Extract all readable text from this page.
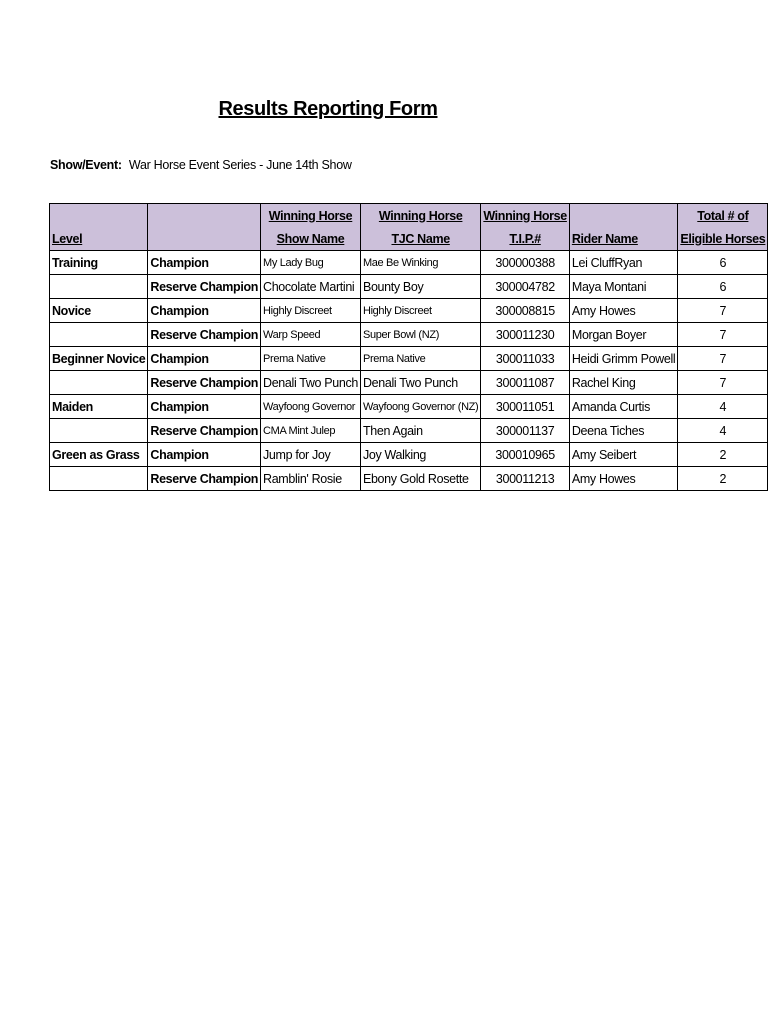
Results Reporting Form
Show/Event: War Horse Event Series - June 14th Show
		Winning Horse	Winning Horse	Winning Horse		Total # of
Level		Show Name	TJC Name	T.I.P.#	Rider Name	Eligible Horses
Training	Champion	My Lady Bug	Mae Be Winking	300000388	Lei CluffRyan	6
	Reserve Champion	Chocolate Martini	Bounty Boy	300004782	Maya Montani	6
Novice	Champion	Highly Discreet	Highly Discreet	300008815	Amy Howes	7
	Reserve Champion	Warp Speed	Super Bowl (NZ)	300011230	Morgan Boyer	7
Beginner Novice	Champion	Prema Native	Prema Native	300011033	Heidi Grimm Powell	7
	Reserve Champion	Denali Two Punch	Denali Two Punch	300011087	Rachel King	7
Maiden	Champion	Wayfoong Governor	Wayfoong Governor (NZ)	300011051	Amanda Curtis	4
	Reserve Champion	CMA Mint Julep	Then Again	300001137	Deena Tiches	4
Green as Grass	Champion	Jump for Joy	Joy Walking	300010965	Amy Seibert	2
	Reserve Champion	Ramblin' Rosie	Ebony Gold Rosette	300011213	Amy Howes	2
